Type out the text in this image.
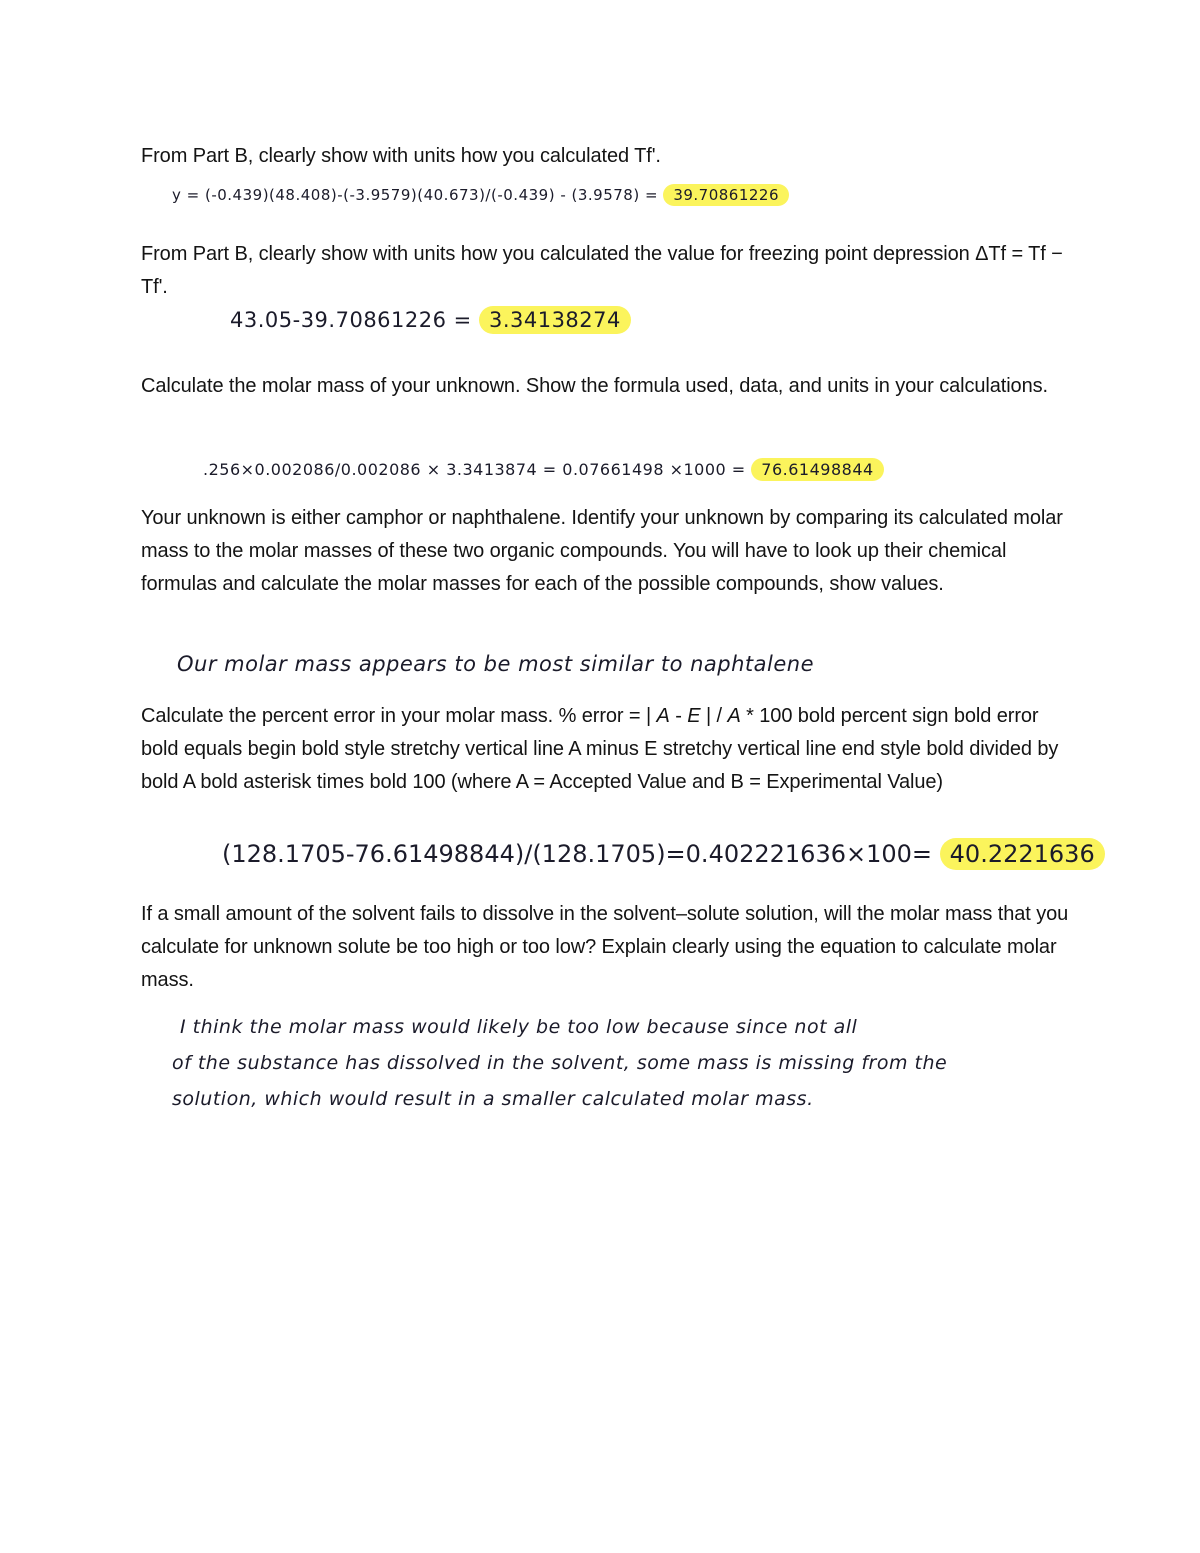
From Part B, clearly show with units how you calculated Tf'.

y = (-0.439)(48.408)-(-3.9579)(40.673)/(-0.439) - (3.9578) = 39.70861226

From Part B, clearly show with units how you calculated the value for freezing point depression ΔTf = Tf − Tf'.

43.05-39.70861226 = 3.34138274

Calculate the molar mass of your unknown. Show the formula used, data, and units in your calculations.

.256×0.002086/0.002086 × 3.3413874 = 0.07661498 ×1000 = 76.61498844

Your unknown is either camphor or naphthalene. Identify your unknown by comparing its calculated molar mass to the molar masses of these two organic compounds. You will have to look up their chemical formulas and calculate the molar masses for each of the possible compounds, show values.

Our molar mass appears to be most similar to naphtalene

Calculate the percent error in your molar mass. % error = | A - E | / A * 100 bold percent sign bold error bold equals begin bold style stretchy vertical line A minus E stretchy vertical line end style bold divided by bold A bold asterisk times bold 100 (where A = Accepted Value and B = Experimental Value)

(128.1705-76.61498844)/(128.1705)=0.402221636×100= 40.2221636

If a small amount of the solvent fails to dissolve in the solvent–solute solution, will the molar mass that you calculate for unknown solute be too high or too low? Explain clearly using the equation to calculate molar mass.

I think the molar mass would likely be too low because since not all
of the substance has dissolved in the solvent, some mass is missing from the
solution, which would result in a smaller calculated molar mass.
